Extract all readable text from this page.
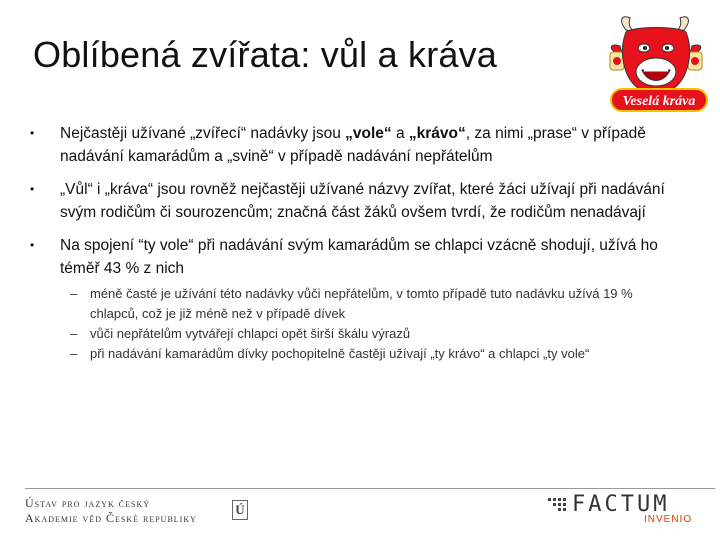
Oblíbená zvířata: vůl a kráva
Veselá kráva
•	Nejčastěji užívané „zvířecí“ nadávky jsou „vole“ a „krávo“, za nimi „prase“ v případě nadávání kamarádům a „svině“ v případě nadávání nepřátelům
•	„Vůl“ i „kráva“ jsou rovněž nejčastěji užívané názvy zvířat, které žáci užívají při nadávání svým rodičům či sourozencům; značná část žáků ovšem tvrdí, že rodičům nenadávají
•	Na spojení “ty vole“ při nadávání svým kamarádům se chlapci vzácně shodují, užívá ho téměř 43 % z nich
– méně časté je užívání této nadávky vůči nepřátelům, v tomto případě tuto nadávku užívá 19 % chlapců, což je již méně než v případě dívek
– vůči nepřátelům vytvářejí chlapci opět širší škálu výrazů
– při nadávání kamarádům dívky pochopitelně častěji užívají „ty krávo“ a chlapci „ty vole“
Ústav pro jazyk český
Akademie věd České republiky
Ú	FACTUM
INVENIO
